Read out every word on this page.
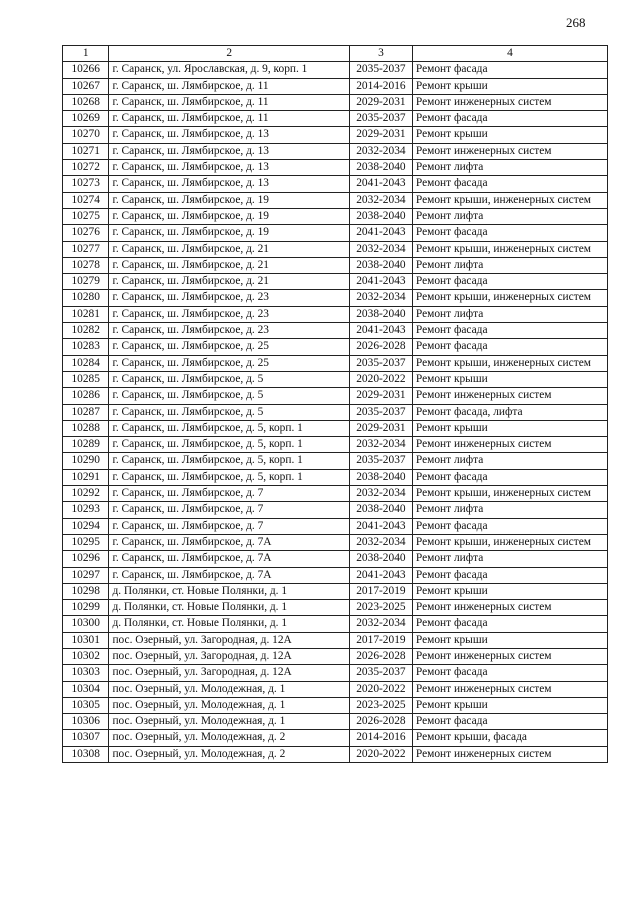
268
1	2	3	4
10266	г. Саранск, ул. Ярославская, д. 9, корп. 1	2035-2037	Ремонт фасада
10267	г. Саранск, ш. Лямбирское, д. 11	2014-2016	Ремонт крыши
10268	г. Саранск, ш. Лямбирское, д. 11	2029-2031	Ремонт инженерных систем
10269	г. Саранск, ш. Лямбирское, д. 11	2035-2037	Ремонт фасада
10270	г. Саранск, ш. Лямбирское, д. 13	2029-2031	Ремонт крыши
10271	г. Саранск, ш. Лямбирское, д. 13	2032-2034	Ремонт инженерных систем
10272	г. Саранск, ш. Лямбирское, д. 13	2038-2040	Ремонт лифта
10273	г. Саранск, ш. Лямбирское, д. 13	2041-2043	Ремонт фасада
10274	г. Саранск, ш. Лямбирское, д. 19	2032-2034	Ремонт крыши, инженерных систем
10275	г. Саранск, ш. Лямбирское, д. 19	2038-2040	Ремонт лифта
10276	г. Саранск, ш. Лямбирское, д. 19	2041-2043	Ремонт фасада
10277	г. Саранск, ш. Лямбирское, д. 21	2032-2034	Ремонт крыши, инженерных систем
10278	г. Саранск, ш. Лямбирское, д. 21	2038-2040	Ремонт лифта
10279	г. Саранск, ш. Лямбирское, д. 21	2041-2043	Ремонт фасада
10280	г. Саранск, ш. Лямбирское, д. 23	2032-2034	Ремонт крыши, инженерных систем
10281	г. Саранск, ш. Лямбирское, д. 23	2038-2040	Ремонт лифта
10282	г. Саранск, ш. Лямбирское, д. 23	2041-2043	Ремонт фасада
10283	г. Саранск, ш. Лямбирское, д. 25	2026-2028	Ремонт фасада
10284	г. Саранск, ш. Лямбирское, д. 25	2035-2037	Ремонт крыши, инженерных систем
10285	г. Саранск, ш. Лямбирское, д. 5	2020-2022	Ремонт крыши
10286	г. Саранск, ш. Лямбирское, д. 5	2029-2031	Ремонт инженерных систем
10287	г. Саранск, ш. Лямбирское, д. 5	2035-2037	Ремонт фасада, лифта
10288	г. Саранск, ш. Лямбирское, д. 5, корп. 1	2029-2031	Ремонт крыши
10289	г. Саранск, ш. Лямбирское, д. 5, корп. 1	2032-2034	Ремонт инженерных систем
10290	г. Саранск, ш. Лямбирское, д. 5, корп. 1	2035-2037	Ремонт лифта
10291	г. Саранск, ш. Лямбирское, д. 5, корп. 1	2038-2040	Ремонт фасада
10292	г. Саранск, ш. Лямбирское, д. 7	2032-2034	Ремонт крыши, инженерных систем
10293	г. Саранск, ш. Лямбирское, д. 7	2038-2040	Ремонт лифта
10294	г. Саранск, ш. Лямбирское, д. 7	2041-2043	Ремонт фасада
10295	г. Саранск, ш. Лямбирское, д. 7А	2032-2034	Ремонт крыши, инженерных систем
10296	г. Саранск, ш. Лямбирское, д. 7А	2038-2040	Ремонт лифта
10297	г. Саранск, ш. Лямбирское, д. 7А	2041-2043	Ремонт фасада
10298	д. Полянки, ст. Новые Полянки, д. 1	2017-2019	Ремонт крыши
10299	д. Полянки, ст. Новые Полянки, д. 1	2023-2025	Ремонт инженерных систем
10300	д. Полянки, ст. Новые Полянки, д. 1	2032-2034	Ремонт фасада
10301	пос. Озерный, ул. Загородная, д. 12А	2017-2019	Ремонт крыши
10302	пос. Озерный, ул. Загородная, д. 12А	2026-2028	Ремонт инженерных систем
10303	пос. Озерный, ул. Загородная, д. 12А	2035-2037	Ремонт фасада
10304	пос. Озерный, ул. Молодежная, д. 1	2020-2022	Ремонт инженерных систем
10305	пос. Озерный, ул. Молодежная, д. 1	2023-2025	Ремонт крыши
10306	пос. Озерный, ул. Молодежная, д. 1	2026-2028	Ремонт фасада
10307	пос. Озерный, ул. Молодежная, д. 2	2014-2016	Ремонт крыши, фасада
10308	пос. Озерный, ул. Молодежная, д. 2	2020-2022	Ремонт инженерных систем
